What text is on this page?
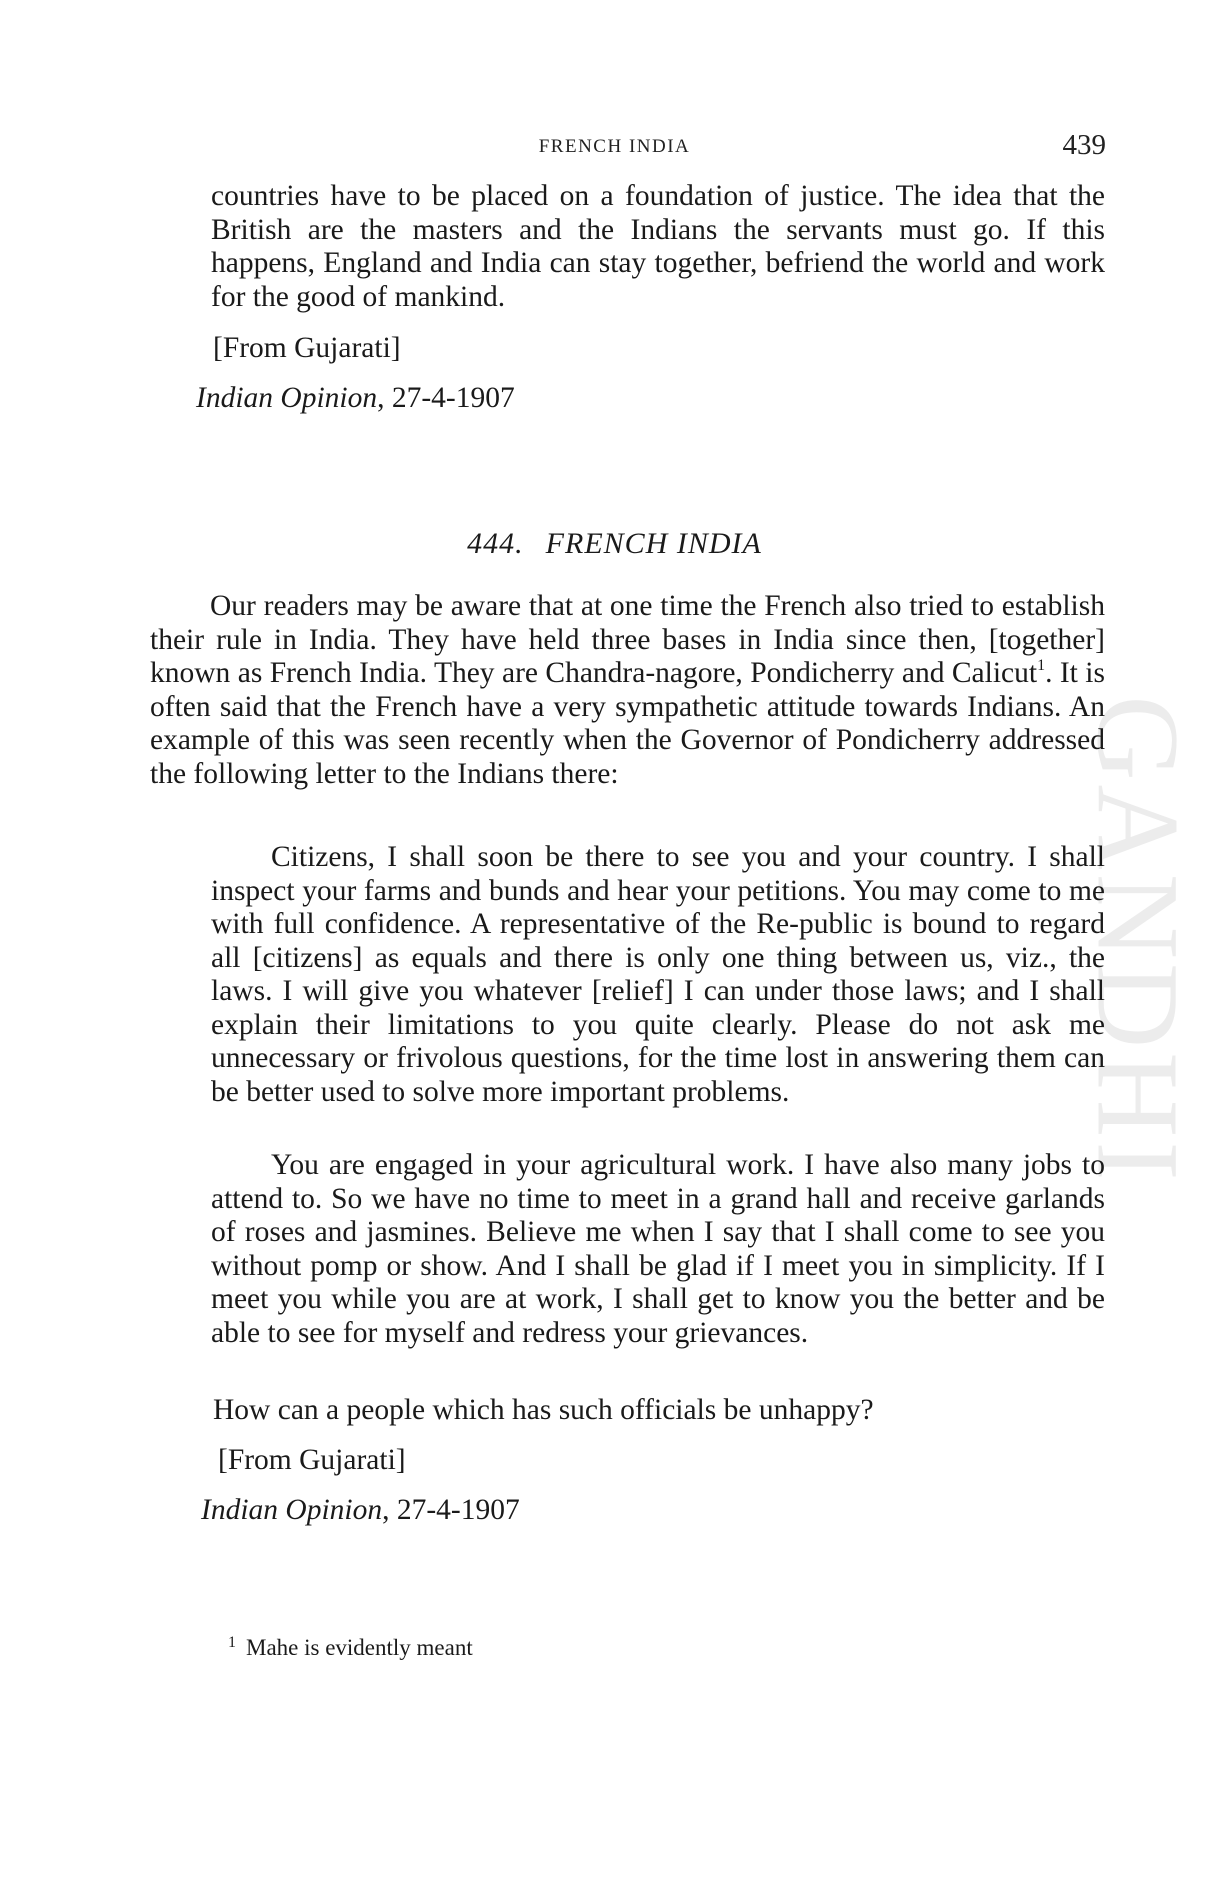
GANDHI
FRENCH INDIA	439

countries have to be placed on a foundation of justice. The idea that the British are the masters and the Indians the servants must go. If this happens, England and India can stay together, befriend the world and work for the good of mankind.

[From Gujarati]

Indian Opinion, 27-4-1907

444. FRENCH INDIA

Our readers may be aware that at one time the French also tried to establish their rule in India. They have held three bases in India since then, [together] known as French India. They are Chandra-nagore, Pondicherry and Calicut$^1$. It is often said that the French have a very sympathetic attitude towards Indians. An example of this was seen recently when the Governor of Pondicherry addressed the following letter to the Indians there:

Citizens, I shall soon be there to see you and your country. I shall inspect your farms and bunds and hear your petitions. You may come to me with full confidence. A representative of the Re-public is bound to regard all [citizens] as equals and there is only one thing between us, viz., the laws. I will give you whatever [relief] I can under those laws; and I shall explain their limitations to you quite clearly. Please do not ask me unnecessary or frivolous questions, for the time lost in answering them can be better used to solve more important problems.

You are engaged in your agricultural work. I have also many jobs to attend to. So we have no time to meet in a grand hall and receive garlands of roses and jasmines. Believe me when I say that I shall come to see you without pomp or show. And I shall be glad if I meet you in simplicity. If I meet you while you are at work, I shall get to know you the better and be able to see for myself and redress your grievances.

How can a people which has such officials be unhappy?

[From Gujarati]

Indian Opinion, 27-4-1907

$^1$ Mahe is evidently meant
